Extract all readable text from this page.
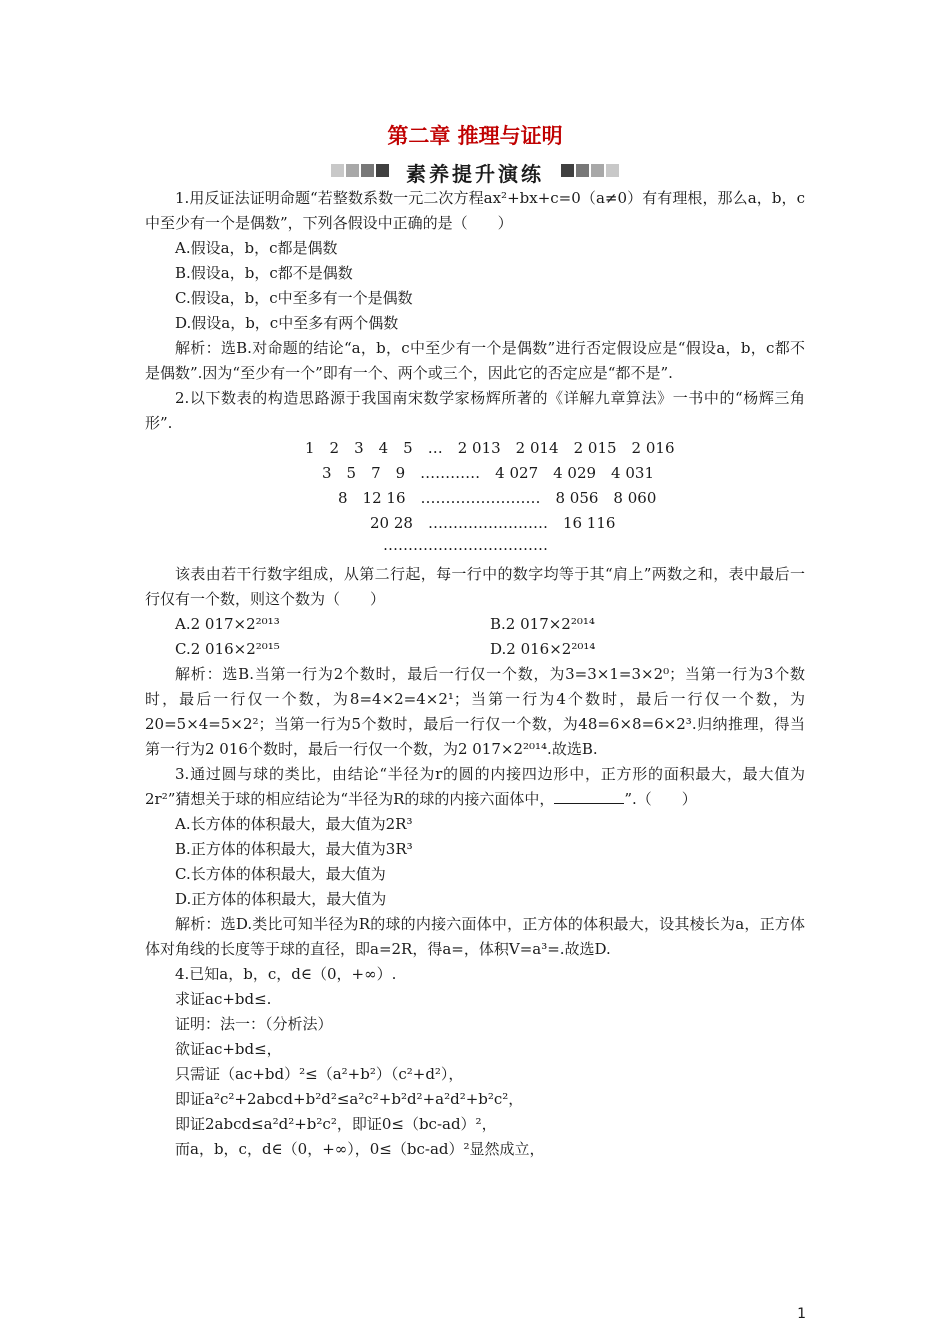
第二章 推理与证明
素养提升演练

1.用反证法证明命题“若整数系数一元二次方程ax²+bx+c=0（a≠0）有有理根，那么a，b，c中至少有一个是偶数”，下列各假设中正确的是（　　）

A.假设a，b，c都是偶数

B.假设a，b，c都不是偶数

C.假设a，b，c中至多有一个是偶数

D.假设a，b，c中至多有两个偶数

解析：选B.对命题的结论“a，b，c中至少有一个是偶数”进行否定假设应是“假设a，b，c都不是偶数”.因为“至少有一个”即有一个、两个或三个，因此它的否定应是“都不是”.

2.以下数表的构造思路源于我国南宋数学家杨辉所著的《详解九章算法》一书中的“杨辉三角形”.

1　2　3　4　5　…　2 013　2 014　2 015　2 016

3　5　7　9　…………　4 027　4 029　4 031

8　12 16　……………………　8 056　8 060

20 28　……………………　16 116

……………………………

该表由若干行数字组成，从第二行起，每一行中的数字均等于其“肩上”两数之和，表中最后一行仅有一个数，则这个数为（　　）

A.2 017×2²⁰¹³	B.2 017×2²⁰¹⁴
C.2 016×2²⁰¹⁵	D.2 016×2²⁰¹⁴

解析：选B.当第一行为2个数时，最后一行仅一个数，为3=3×1=3×2⁰；当第一行为3个数时，最后一行仅一个数，为8=4×2=4×2¹；当第一行为4个数时，最后一行仅一个数，为20=5×4=5×2²；当第一行为5个数时，最后一行仅一个数，为48=6×8=6×2³.归纳推理，得当第一行为2 016个数时，最后一行仅一个数，为2 017×2²⁰¹⁴.故选B.

3.通过圆与球的类比，由结论“半径为r的圆的内接四边形中，正方形的面积最大，最大值为2r²”猜想关于球的相应结论为“半径为R的球的内接六面体中，	”.（　　）

A.长方体的体积最大，最大值为2R³

B.正方体的体积最大，最大值为3R³

C.长方体的体积最大，最大值为

D.正方体的体积最大，最大值为

解析：选D.类比可知半径为R的球的内接六面体中，正方体的体积最大，设其棱长为a，正方体体对角线的长度等于球的直径，即a=2R，得a=，体积V=a³=.故选D.

4.已知a，b，c，d∈（0，+∞）.

求证ac+bd≤.

证明：法一：（分析法）

欲证ac+bd≤，

只需证（ac+bd）²≤（a²+b²）（c²+d²），

即证a²c²+2abcd+b²d²≤a²c²+b²d²+a²d²+b²c²，

即证2abcd≤a²d²+b²c²，即证0≤（bc-ad）²，

而a，b，c，d∈（0，+∞），0≤（bc-ad）²显然成立，

1
